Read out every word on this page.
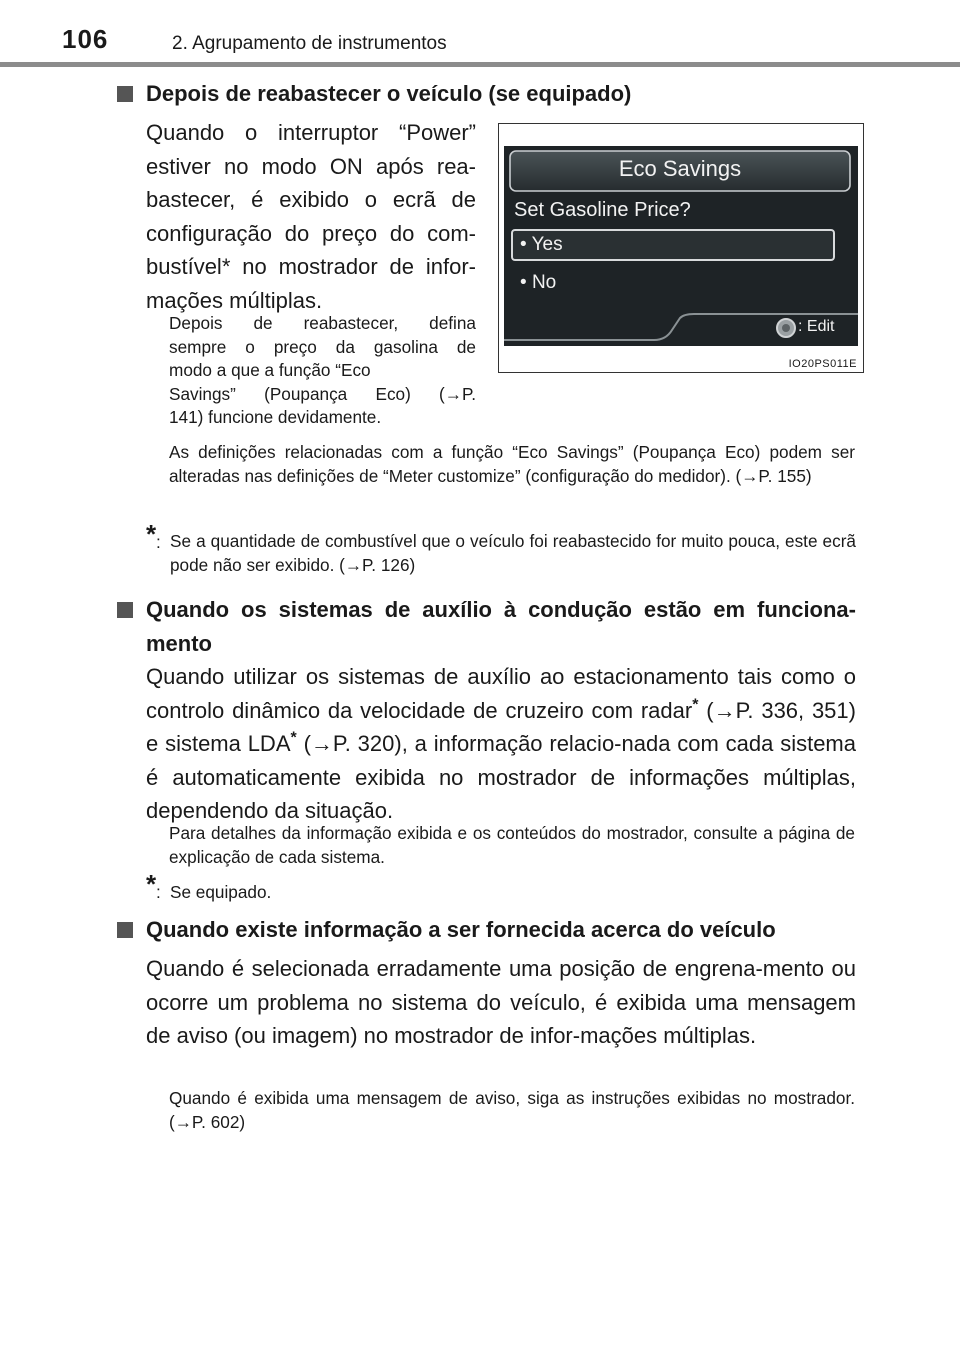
106	2. Agrupamento de instrumentos
Depois de reabastecer o veículo (se equipado)
Quando o interruptor “Power”
estiver no modo ON após rea-
bastecer, é exibido o ecrã de
configuração do preço do com-
bustível* no mostrador de infor-
mações múltiplas.
Depois de reabastecer, defina
sempre o preço da gasolina de
modo a que a função “Eco
Savings” (Poupança Eco) (→P.
141) funcione devidamente.
Eco Savings
Set Gasoline Price?
• Yes
• No
: Edit
IO20PS011E
As definições relacionadas com a função “Eco Savings” (Poupança Eco) podem ser alteradas nas definições de “Meter customize” (configuração do medidor). (→P. 155)
* : Se a quantidade de combustível que o veículo foi reabastecido for muito pouca, este ecrã pode não ser exibido. (→P. 126)
Quando os sistemas de auxílio à condução estão em funciona-mento
Quando utilizar os sistemas de auxílio ao estacionamento tais como o controlo dinâmico da velocidade de cruzeiro com radar* (→P. 336, 351) e sistema LDA* (→P. 320), a informação relacio-nada com cada sistema é automaticamente exibida no mostrador de informações múltiplas, dependendo da situação.
Para detalhes da informação exibida e os conteúdos do mostrador, consulte a página de explicação de cada sistema.
* : Se equipado.
Quando existe informação a ser fornecida acerca do veículo
Quando é selecionada erradamente uma posição de engrena-mento ou ocorre um problema no sistema do veículo, é exibida uma mensagem de aviso (ou imagem) no mostrador de infor-mações múltiplas.
Quando é exibida uma mensagem de aviso, siga as instruções exibidas no mostrador. (→P. 602)
